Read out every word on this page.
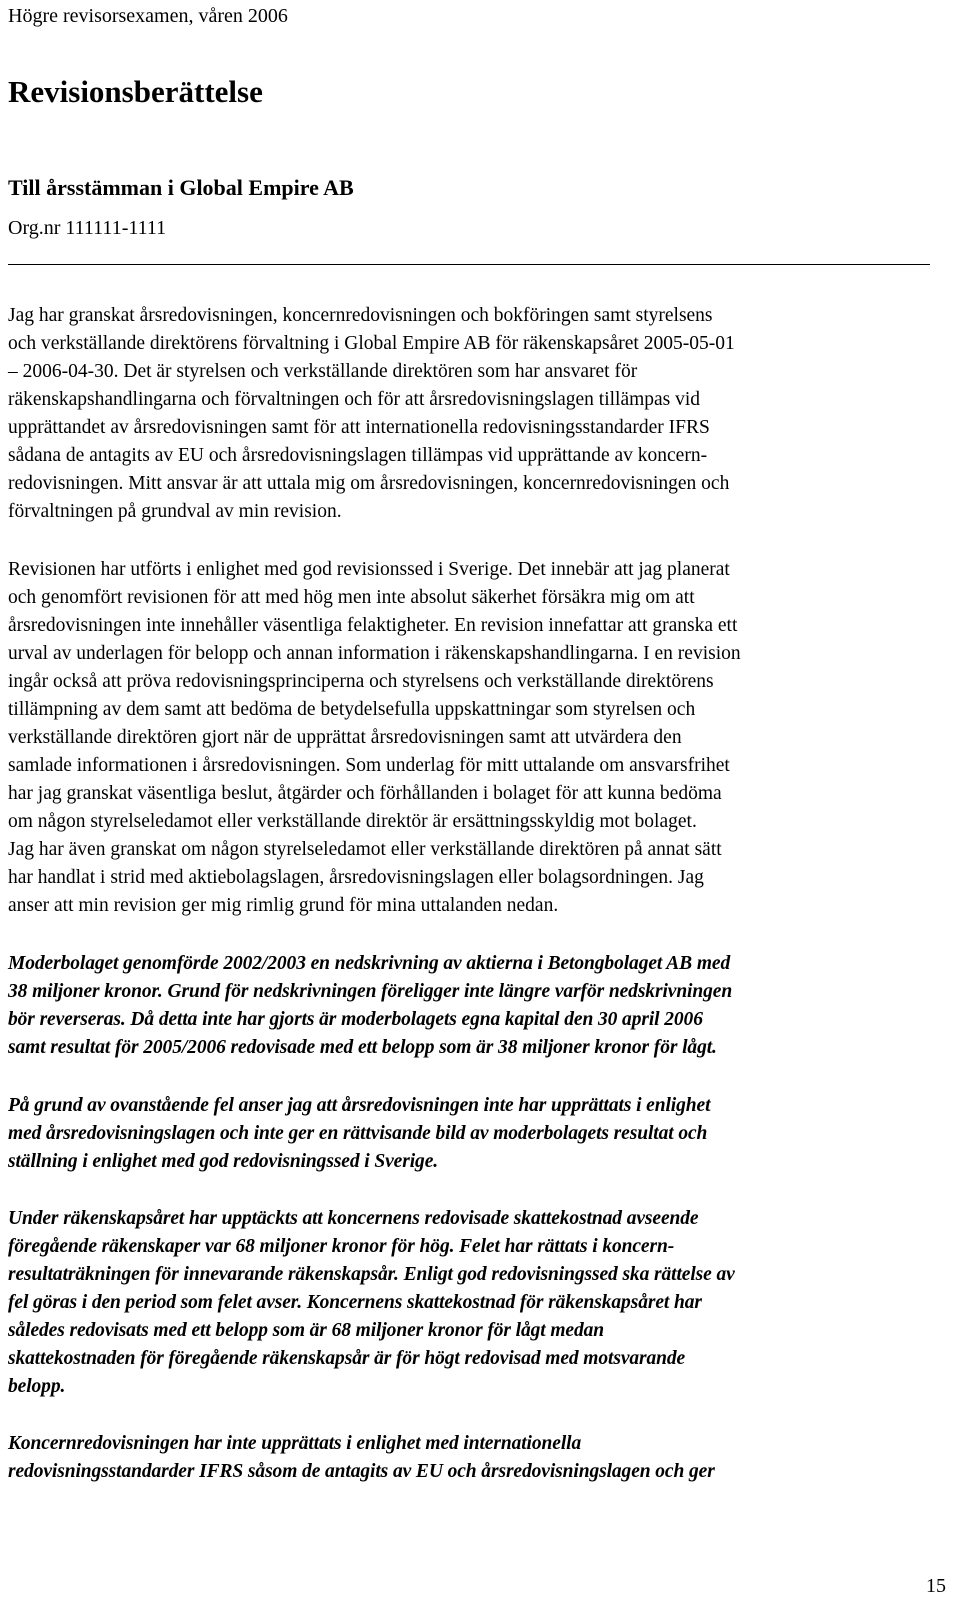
Högre revisorsexamen, våren 2006
Revisionsberättelse
Till årsstämman i Global Empire AB
Org.nr 111111-1111
Jag har granskat årsredovisningen, koncernredovisningen och bokföringen samt styrelsens
och verkställande direktörens förvaltning i Global Empire AB för räkenskapsåret 2005-05-01
– 2006-04-30. Det är styrelsen och verkställande direktören som har ansvaret för
räkenskapshandlingarna och förvaltningen och för att årsredovisningslagen tillämpas vid
upprättandet av årsredovisningen samt för att internationella redovisningsstandarder IFRS
sådana de antagits av EU och årsredovisningslagen tillämpas vid upprättande av koncern-
redovisningen. Mitt ansvar är att uttala mig om årsredovisningen, koncernredovisningen och
förvaltningen på grundval av min revision.
Revisionen har utförts i enlighet med god revisionssed i Sverige. Det innebär att jag planerat
och genomfört revisionen för att med hög men inte absolut säkerhet försäkra mig om att
årsredovisningen inte innehåller väsentliga felaktigheter. En revision innefattar att granska ett
urval av underlagen för belopp och annan information i räkenskapshandlingarna. I en revision
ingår också att pröva redovisningsprinciperna och styrelsens och verkställande direktörens
tillämpning av dem samt att bedöma de betydelsefulla uppskattningar som styrelsen och
verkställande direktören gjort när de upprättat årsredovisningen samt att utvärdera den
samlade informationen i årsredovisningen. Som underlag för mitt uttalande om ansvarsfrihet
har jag granskat väsentliga beslut, åtgärder och förhållanden i bolaget för att kunna bedöma
om någon styrelseledamot eller verkställande direktör är ersättningsskyldig mot bolaget.
Jag har även granskat om någon styrelseledamot eller verkställande direktören på annat sätt
har handlat i strid med aktiebolagslagen, årsredovisningslagen eller bolagsordningen. Jag
anser att min revision ger mig rimlig grund för mina uttalanden nedan.
Moderbolaget genomförde 2002/2003 en nedskrivning av aktierna i Betongbolaget AB med
38 miljoner kronor. Grund för nedskrivningen föreligger inte längre varför nedskrivningen
bör reverseras. Då detta inte har gjorts är moderbolagets egna kapital den 30 april 2006
samt resultat för 2005/2006 redovisade med ett belopp som är 38 miljoner kronor för lågt.
På grund av ovanstående fel anser jag att årsredovisningen inte har upprättats i enlighet
med årsredovisningslagen och inte ger en rättvisande bild av moderbolagets resultat och
ställning i enlighet med god redovisningssed i Sverige.
Under räkenskapsåret har upptäckts att koncernens redovisade skattekostnad avseende
föregående räkenskaper var 68 miljoner kronor för hög. Felet har rättats i koncern-
resultaträkningen för innevarande räkenskapsår. Enligt god redovisningssed ska rättelse av
fel göras i den period som felet avser. Koncernens skattekostnad för räkenskapsåret har
således redovisats med ett belopp som är 68 miljoner kronor för lågt medan
skattekostnaden för föregående räkenskapsår är för högt redovisad med motsvarande
belopp.
Koncernredovisningen har inte upprättats i enlighet med internationella
redovisningsstandarder IFRS såsom de antagits av EU och årsredovisningslagen och ger
15
